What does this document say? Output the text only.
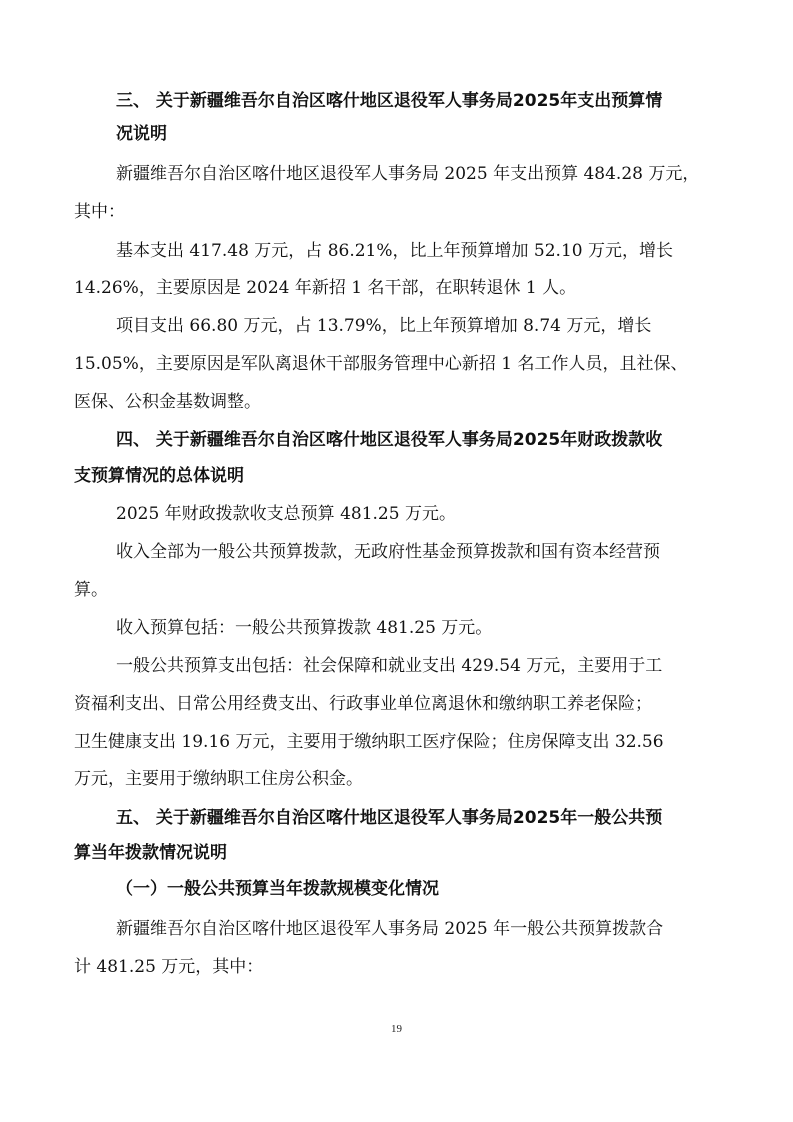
三、 关于新疆维吾尔自治区喀什地区退役军人事务局2025年支出预算情
况说明
新疆维吾尔自治区喀什地区退役军人事务局 2025 年支出预算 484.28 万元，
其中：
基本支出 417.48 万元，占 86.21%，比上年预算增加 52.10 万元，增长
14.26%，主要原因是 2024 年新招 1 名干部，在职转退休 1 人。
项目支出 66.80 万元，占 13.79%，比上年预算增加 8.74 万元，增长
15.05%，主要原因是军队离退休干部服务管理中心新招 1 名工作人员，且社保、
医保、公积金基数调整。
四、 关于新疆维吾尔自治区喀什地区退役军人事务局2025年财政拨款收
支预算情况的总体说明
2025 年财政拨款收支总预算 481.25 万元。
收入全部为一般公共预算拨款，无政府性基金预算拨款和国有资本经营预
算。
收入预算包括：一般公共预算拨款 481.25 万元。
一般公共预算支出包括：社会保障和就业支出 429.54 万元，主要用于工
资福利支出、日常公用经费支出、行政事业单位离退休和缴纳职工养老保险；
卫生健康支出 19.16 万元，主要用于缴纳职工医疗保险；住房保障支出 32.56
万元，主要用于缴纳职工住房公积金。
五、 关于新疆维吾尔自治区喀什地区退役军人事务局2025年一般公共预
算当年拨款情况说明
（一）一般公共预算当年拨款规模变化情况
新疆维吾尔自治区喀什地区退役军人事务局 2025 年一般公共预算拨款合
计 481.25 万元，其中：
19
